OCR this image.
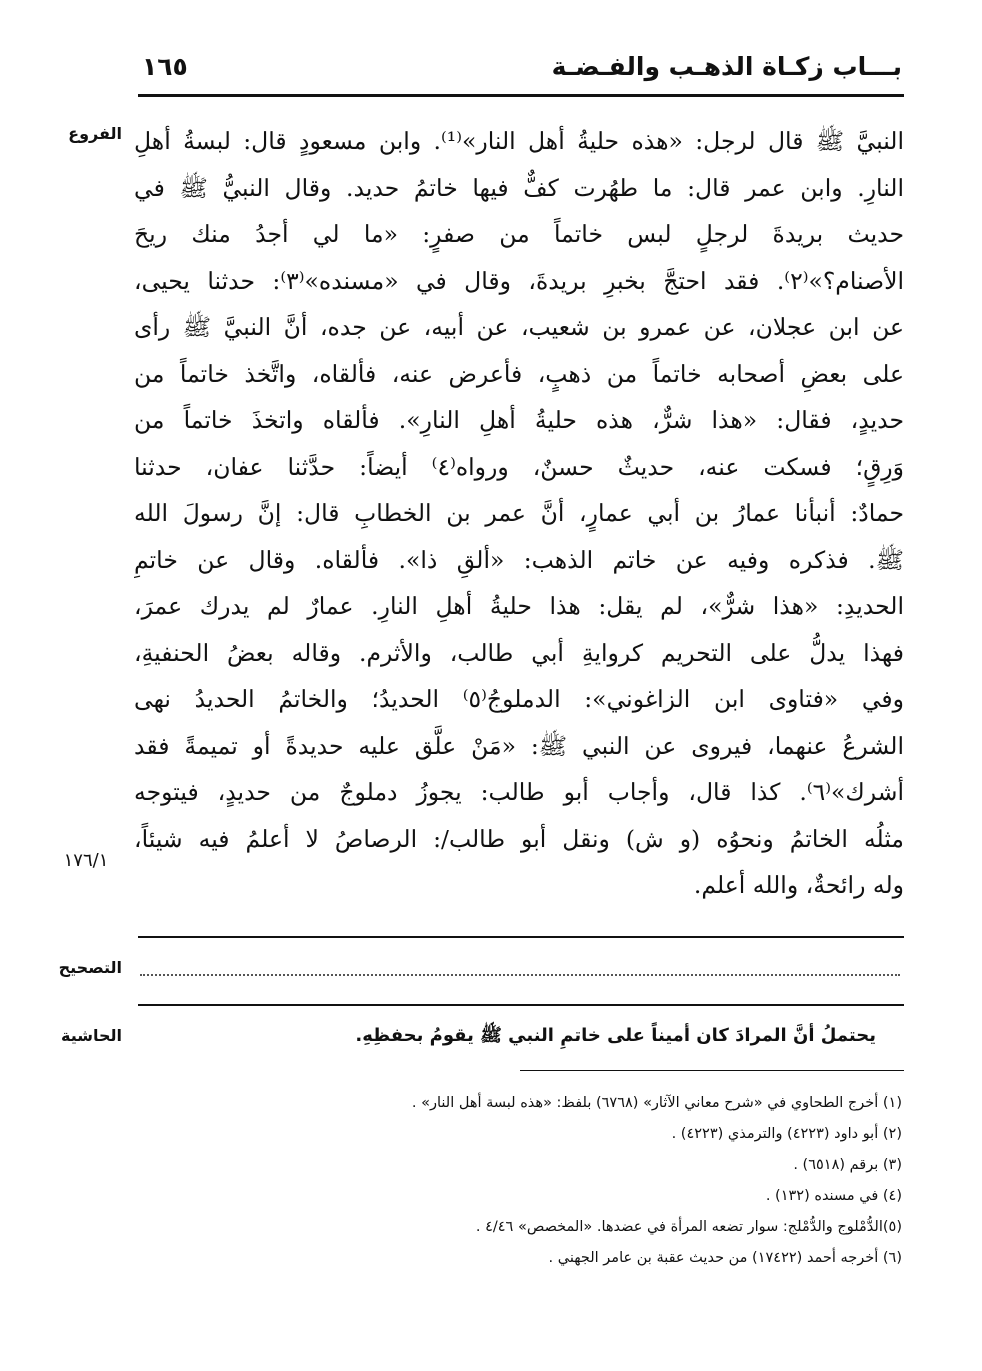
بـــاب زكـاة الذهـب والفـضـة
١٦٥
الفروع
١٧٦/١
النبيَّ ﷺ قال لرجل: «هذه حليةُ أهل النار»⁽¹⁾. وابن مسعودٍ قال: لبسةُ أهلِ
النارِ. وابن عمر قال: ما طهُرت كفٌّ فيها خاتمُ حديد. وقال النبيُّ ﷺ في
حديث بريدةَ لرجلٍ لبس خاتماً من صفرٍ: «ما لي أجدُ منك ريحَ
الأصنام؟»⁽٢⁾. فقد احتجَّ بخبرِ بريدةَ، وقال في «مسنده»⁽٣⁾: حدثنا يحيى،
عن ابن عجلان، عن عمرو بن شعيب، عن أبيه، عن جده، أنَّ النبيَّ ﷺ رأى
على بعضِ أصحابه خاتماً من ذهبٍ، فأعرض عنه، فألقاه، واتَّخذ خاتماً من
حديدٍ، فقال: «هذا شرٌّ، هذه حليةُ أهلِ النارِ». فألقاه واتخذَ خاتماً من
وَرِقٍ؛ فسكت عنه، حديثٌ حسنٌ، ورواه⁽٤⁾ أيضاً: حدَّثنا عفان، حدثنا
حمادٌ: أنبأنا عمارُ بن أبي عمارٍ، أنَّ عمر بن الخطابِ قال: إنَّ رسولَ الله
ﷺ. فذكره وفيه عن خاتم الذهب: «ألقِ ذا». فألقاه. وقال عن خاتمِ
الحديدِ: «هذا شرٌّ»، لم يقل: هذا حليةُ أهلِ النارِ. عمارٌ لم يدرك عمرَ،
فهذا يدلُّ على التحريم كروايةِ أبي طالب، والأثرم. وقاله بعضُ الحنفيةِ،
وفي «فتاوى ابن الزاغوني»: الدملوجُ⁽٥⁾ الحديدُ؛ والخاتمُ الحديدُ نهى
الشرعُ عنهما، فيروى عن النبي ﷺ: «مَنْ علَّق عليه حديدةً أو تميمةً فقد
أشرك»⁽٦⁾. كذا قال، وأجاب أبو طالب: يجوزُ دملوجٌ من حديدٍ، فيتوجه
مثلُه الخاتمُ ونحوُه (و ش) ونقل أبو طالب/: الرصاصُ لا أعلمُ فيه شيئاً،
وله رائحةٌ، والله أعلم.
التصحيح
الحاشية	يحتملُ أنَّ المرادَ كان أميناً على خاتمِ النبي ﷺ يقومُ بحفظِهِ.
(١) أخرج الطحاوي في «شرح معاني الآثار» (٦٧٦٨) بلفظ: «هذه لبسة أهل النار» .
(٢) أبو داود (٤٢٢٣) والترمذي (٤٢٢٣) .
(٣) برقم (٦٥١٨) .
(٤) في مسنده (١٣٢) .
(٥)الدُّمْلوج والدُّمْلج: سوار تضعه المرأة في عضدها. «المخصص» ٤/٤٦ .
(٦) أخرجه أحمد (١٧٤٢٢) من حديث عقبة بن عامر الجهني .
